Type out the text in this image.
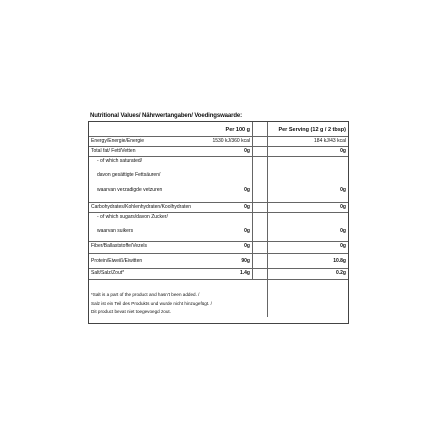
Nutritional Values/ Nährwertangaben/ Voedingswaarde:
Per 100 g	Per Serving (12 g / 2 tbsp)
Energy/Energie/Energie	1530 kJ/360 kcal	184 kJ/43 kcal
Total fat/ Fett/Vetten	0g	0g
- of which saturated/
davon gesättigte Fettsäuren/
waarvan verzadigde vetzuren	0g	0g
Carbohydrates/Kohlenhydraten/Koolhydraten	0g	0g
- of which sugars/davon Zucker/
waarvan suikers	0g	0g
Fiber/Ballaststoffe/Vezels	0g	0g
Protein/Eiweiß/Eiwitten	90g	10.8g
Salt/Salz/Zout*	1.4g	0.2g
*Salt is a part of the product and hasn't been added. /
Salz ist ein Teil des Produkts und wurde nicht hinzugefügt. /
Dit product bevat niet toegevoegd zout.
